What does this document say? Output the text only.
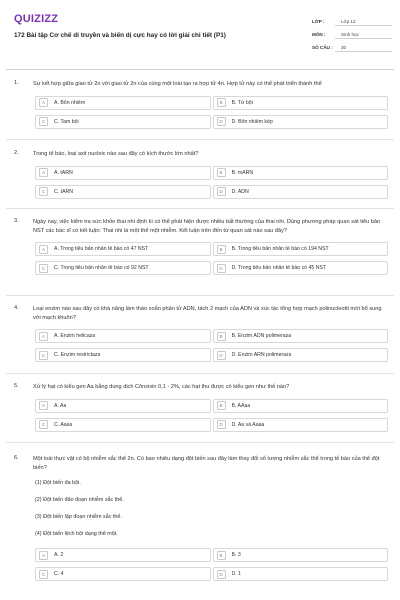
QUIZIZZ
172 Bài tập Cơ chế di truyền và biến dị cực hay có lời giải chi tiết (P1)
LỚP :	Lớp 12
MÔN :	Sinh học
SỐ CÂU :	30
1.	Sự kết hợp giữa giao tử 2n với giao tử 2n của cùng một loài tạo ra hợp tử 4n. Hợp tử này có thể phát triển thành thể
A	A. Bốn nhiễm	B	B. Tứ bội
C	C. Tam bội	D	D. Bốn nhiễm kép
2.	Trong tế bào, loại axit nucleic nào sau đây có kích thước lớn nhất?
A	A. tARN	B	B. mARN
C	C. tARN	D	D. ADN
3.	Ngày nay, việc kiểm tra sức khỏe thai nhi định kì có thể phát hiện được nhiều bất thường của thai nhi. Dùng phương pháp quan sát tiêu bản NST các bác sĩ có kết luận: Thai nhi là một thể một nhiễm. Kết luận trên đến từ quan sát nào sau đây?
A	A. Trong tiêu bản nhân tế bào có 47 NST	B	B. Trong tiêu bản nhân tế bào có 194 NST
C	C. Trong tiêu bản nhân tế bào có 92 NST	D	D. Trong tiêu bản nhân tế bào có 45 NST
4.	Loại enzim nào sau đây có khả năng làm tháo xoắn phân tử ADN, tách 2 mạch của ADN và xúc tác tổng hợp mạch polinucleotit mới bổ sung với mạch khuôn?
A	A. Enzim helicaza	B	B. Enzim ADN polimeraza
C	C. Enzim restrictaza	D	D. Enzim ARN polimeraza
5.	Xử lý hạt có kiểu gen Aa bằng dung dịch Cônsixin 0,1 - 2%, các hạt thu được có kiểu gen như thế nào?
A	A. Aa	B	B. AAaa
C	C. Aaaa	D	D. Aa và Aaaa
6.	Một loài thực vật có bộ nhiễm sắc thể 2n. Có bao nhiêu dạng đột biến sau đây làm thay đổi số lượng nhiễm sắc thể trong tế bào của thể đột biến?
(1) Đột biến đa bội.
(2) Đột biến đảo đoạn nhiễm sắc thể.
(3) Đột biến lặp đoạn nhiễm sắc thể.
(4) Đột biến lệch bội dạng thể một.
A	A. 2	B	B. 3
C	C. 4	D	D. 1
